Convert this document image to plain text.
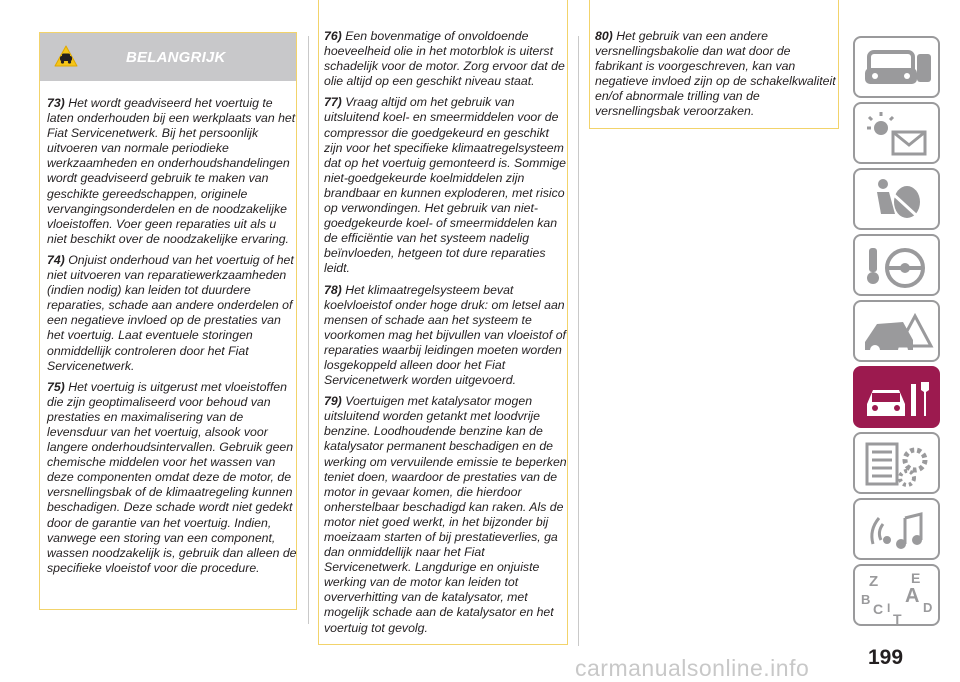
BELANGRIJK

73) Het wordt geadviseerd het voertuig te laten onderhouden bij een werkplaats van het Fiat Servicenetwerk. Bij het persoonlijk uitvoeren van normale periodieke werkzaamheden en onderhoudshandelingen wordt geadviseerd gebruik te maken van geschikte gereedschappen, originele vervangingsonderdelen en de noodzakelijke vloeistoffen. Voer geen reparaties uit als u niet beschikt over de noodzakelijke ervaring.

74) Onjuist onderhoud van het voertuig of het niet uitvoeren van reparatiewerkzaamheden (indien nodig) kan leiden tot duurdere reparaties, schade aan andere onderdelen of een negatieve invloed op de prestaties van het voertuig. Laat eventuele storingen onmiddellijk controleren door het Fiat Servicenetwerk.

75) Het voertuig is uitgerust met vloeistoffen die zijn geoptimaliseerd voor behoud van prestaties en maximalisering van de levensduur van het voertuig, alsook voor langere onderhoudsintervallen. Gebruik geen chemische middelen voor het wassen van deze componenten omdat deze de motor, de versnellingsbak of de klimaatregeling kunnen beschadigen. Deze schade wordt niet gedekt door de garantie van het voertuig. Indien, vanwege een storing van een component, wassen noodzakelijk is, gebruik dan alleen de specifieke vloeistof voor die procedure.

76) Een bovenmatige of onvoldoende hoeveelheid olie in het motorblok is uiterst schadelijk voor de motor. Zorg ervoor dat de olie altijd op een geschikt niveau staat.

77) Vraag altijd om het gebruik van uitsluitend koel- en smeermiddelen voor de compressor die goedgekeurd en geschikt zijn voor het specifieke klimaatregelsysteem dat op het voertuig gemonteerd is. Sommige niet-goedgekeurde koelmiddelen zijn brandbaar en kunnen exploderen, met risico op verwondingen. Het gebruik van niet-goedgekeurde koel- of smeermiddelen kan de efficiëntie van het systeem nadelig beïnvloeden, hetgeen tot dure reparaties leidt.

78) Het klimaatregelsysteem bevat koelvloeistof onder hoge druk: om letsel aan mensen of schade aan het systeem te voorkomen mag het bijvullen van vloeistof of reparaties waarbij leidingen moeten worden losgekoppeld alleen door het Fiat Servicenetwerk worden uitgevoerd.

79) Voertuigen met katalysator mogen uitsluitend worden getankt met loodvrije benzine. Loodhoudende benzine kan de katalysator permanent beschadigen en de werking om vervuilende emissie te beperken teniet doen, waardoor de prestaties van de motor in gevaar komen, die hierdoor onherstelbaar beschadigd kan raken. Als de motor niet goed werkt, in het bijzonder bij moeizaam starten of bij prestatieverlies, ga dan onmiddellijk naar het Fiat Servicenetwerk. Langdurige en onjuiste werking van de motor kan leiden tot oververhitting van de katalysator, met mogelijk schade aan de katalysator en het voertuig tot gevolg.

80) Het gebruik van een andere versnellingsbakolie dan wat door de fabrikant is voorgeschreven, kan van negatieve invloed zijn op de schakelkwaliteit en/of abnormale trilling van de versnellingsbak veroorzaken.

Z E
B A
C	D
I
T
199
carmanualsonline.info
